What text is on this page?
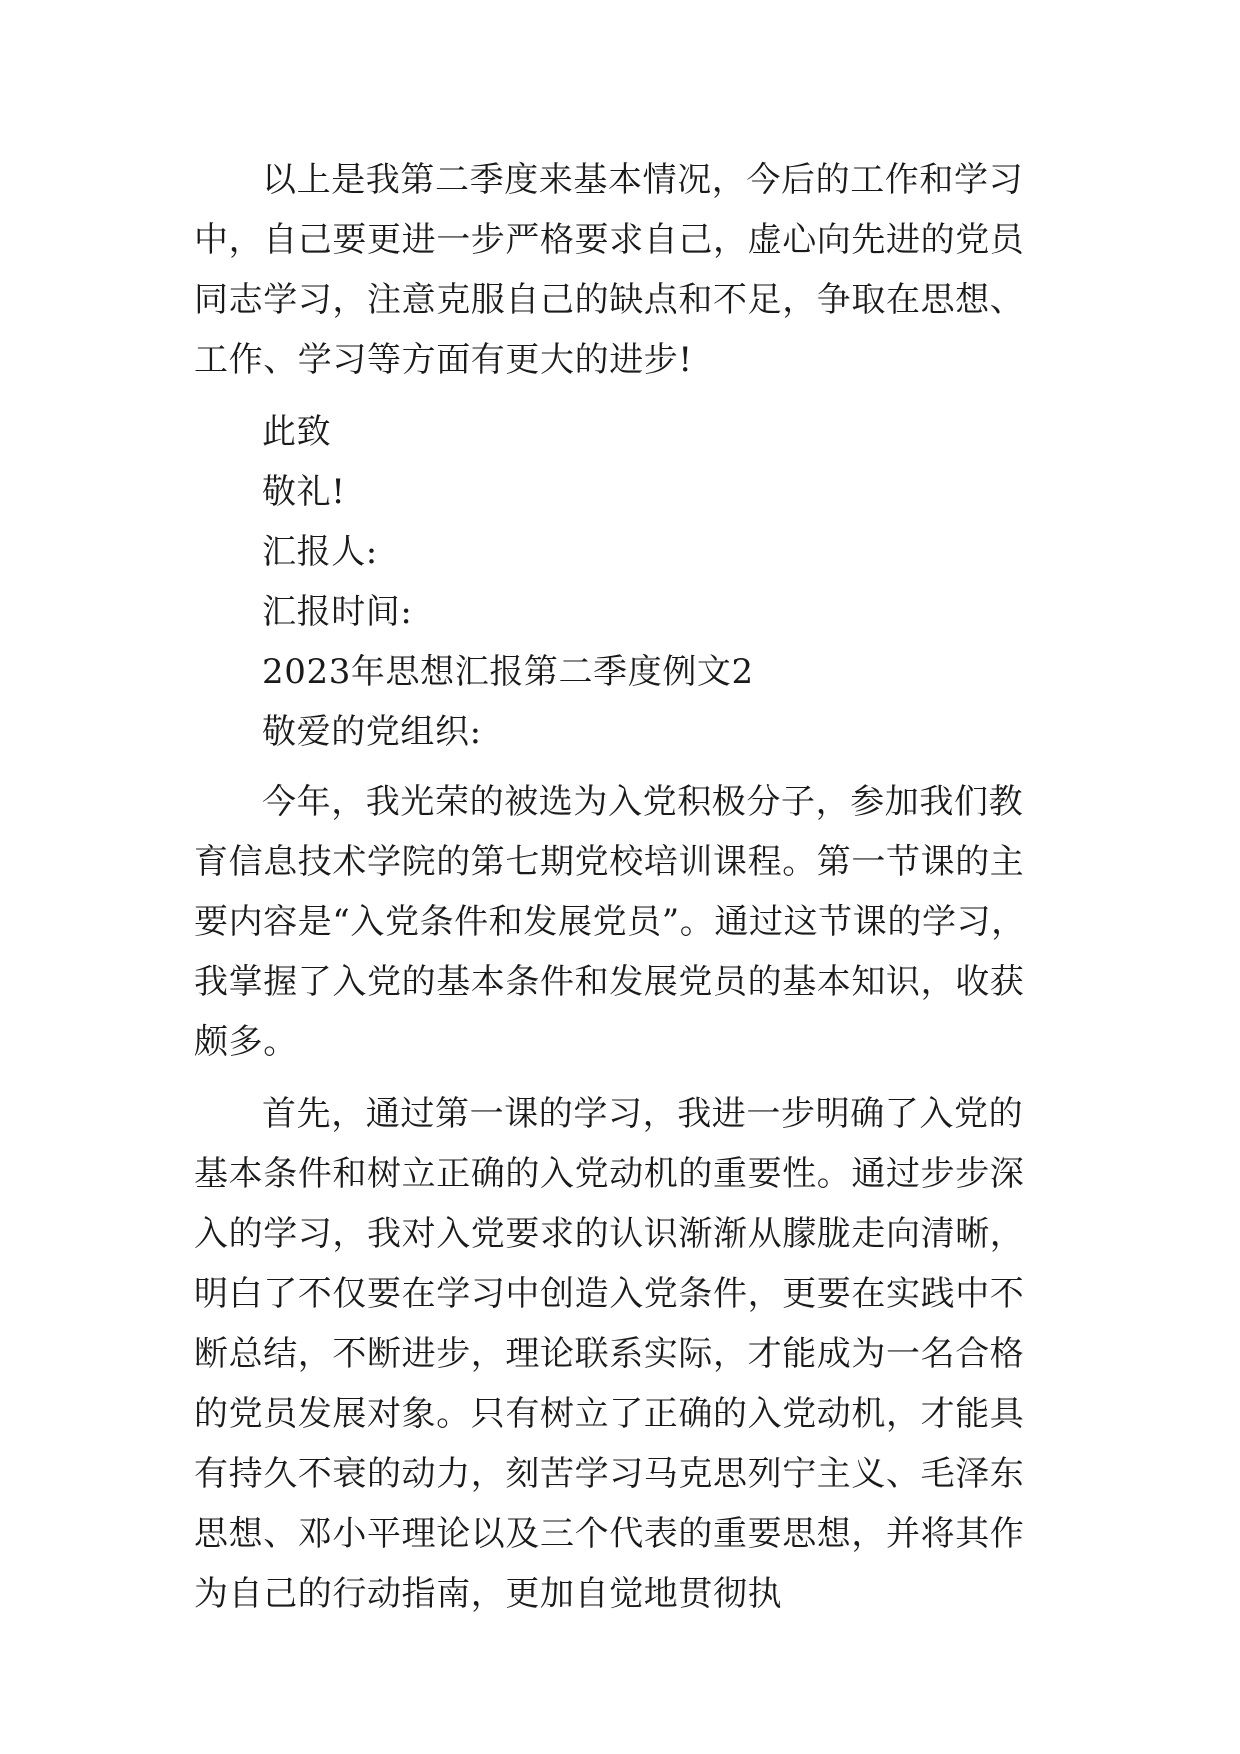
以上是我第二季度来基本情况，今后的工作和学习中，自己要更进一步严格要求自己，虚心向先进的党员同志学习，注意克服自己的缺点和不足，争取在思想、工作、学习等方面有更大的进步!

此致

敬礼!

汇报人:

汇报时间:

2023年思想汇报第二季度例文2

敬爱的党组织:

今年，我光荣的被选为入党积极分子，参加我们教育信息技术学院的第七期党校培训课程。第一节课的主要内容是“入党条件和发展党员”。通过这节课的学习，我掌握了入党的基本条件和发展党员的基本知识，收获颇多。

首先，通过第一课的学习，我进一步明确了入党的基本条件和树立正确的入党动机的重要性。通过步步深入的学习，我对入党要求的认识渐渐从朦胧走向清晰，明白了不仅要在学习中创造入党条件，更要在实践中不断总结，不断进步，理论联系实际，才能成为一名合格的党员发展对象。只有树立了正确的入党动机，才能具有持久不衰的动力，刻苦学习马克思列宁主义、毛泽东思想、邓小平理论以及三个代表的重要思想，并将其作为自己的行动指南，更加自觉地贯彻执
